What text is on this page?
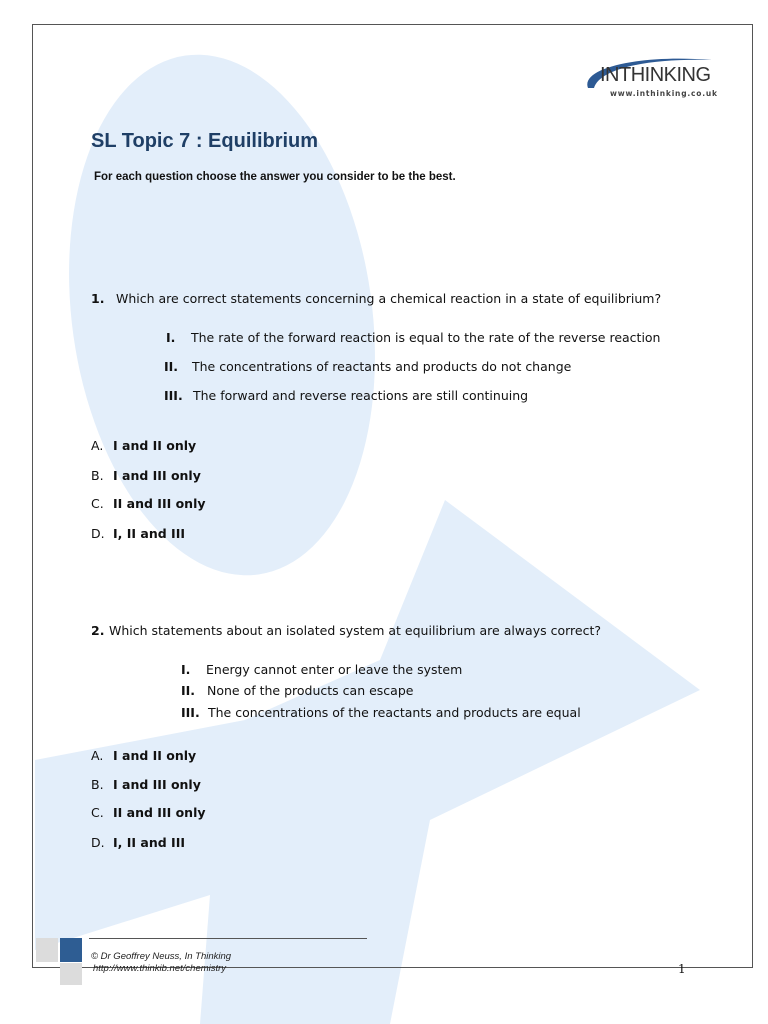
INTHINKING
www.inthinking.co.uk
SL Topic 7 : Equilibrium
For each question choose the answer you consider to be the best.
1. Which are correct statements concerning a chemical reaction in a state of equilibrium?
I. The rate of the forward reaction is equal to the rate of the reverse reaction
II. The concentrations of reactants and products do not change
III. The forward and reverse reactions are still continuing
A. I and II only
B. I and III only
C. II and III only
D. I, II and III
2. Which statements about an isolated system at equilibrium are always correct?
I. Energy cannot enter or leave the system
II. None of the products can escape
III. The concentrations of the reactants and products are equal
A. I and II only
B. I and III only
C. II and III only
D. I, II and III
© Dr Geoffrey Neuss, In Thinking
http://www.thinkib.net/chemistry	1
